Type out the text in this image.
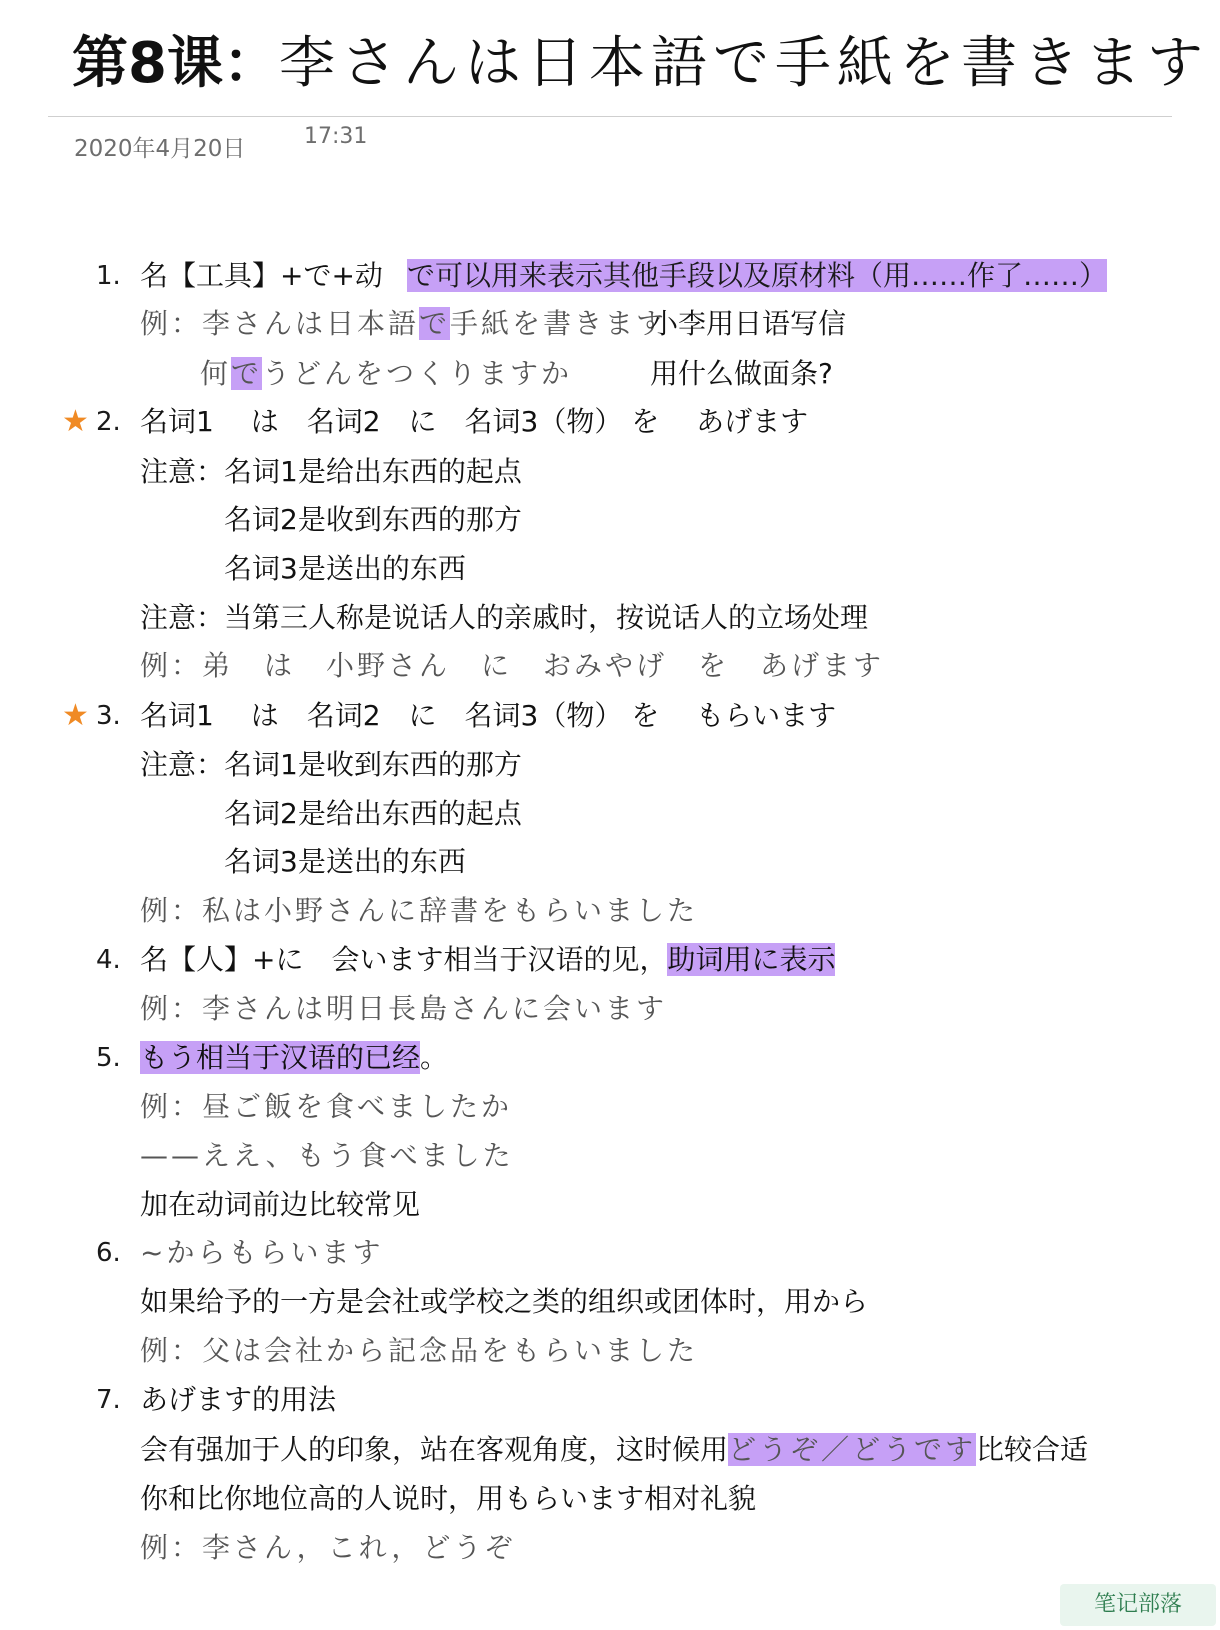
第8课：李さんは日本語で手紙を書きます
2020年4月20日	17:31
1. 名【工具】+で+动 で可以用来表示其他手段以及原材料（用……作了……）
例：李さんは日本語で手紙を書きます
小李用日语写信
何でうどんをつくりますか	用什么做面条?
★ 2. 名词1　 は　名词2　に　名词3（物） を　 あげます
注意：名词1是给出东西的起点
名词2是收到东西的那方
名词3是送出的东西
注意：当第三人称是说话人的亲戚时，按说话人的立场处理
例：弟　は　小野さん　に　おみやげ　を　あげます
★ 3. 名词1　 は　名词2　に　名词3（物） を　 もらいます
注意：名词1是收到东西的那方
名词2是给出东西的起点
名词3是送出的东西
例：私は小野さんに辞書をもらいました
4. 名【人】+に　会います相当于汉语的见，助词用に表示
例：李さんは明日長島さんに会います
5. もう相当于汉语的已经。
例：昼ご飯を食べましたか
——ええ、もう食べました
加在动词前边比较常见
6. ~からもらいます
如果给予的一方是会社或学校之类的组织或团体时，用から
例：父は会社から記念品をもらいました
7. あげます的用法
会有强加于人的印象，站在客观角度，这时候用どうぞ／どうです比较合适
你和比你地位高的人说时，用もらいます相对礼貌
例：李さん，これ，どうぞ
笔记部落
